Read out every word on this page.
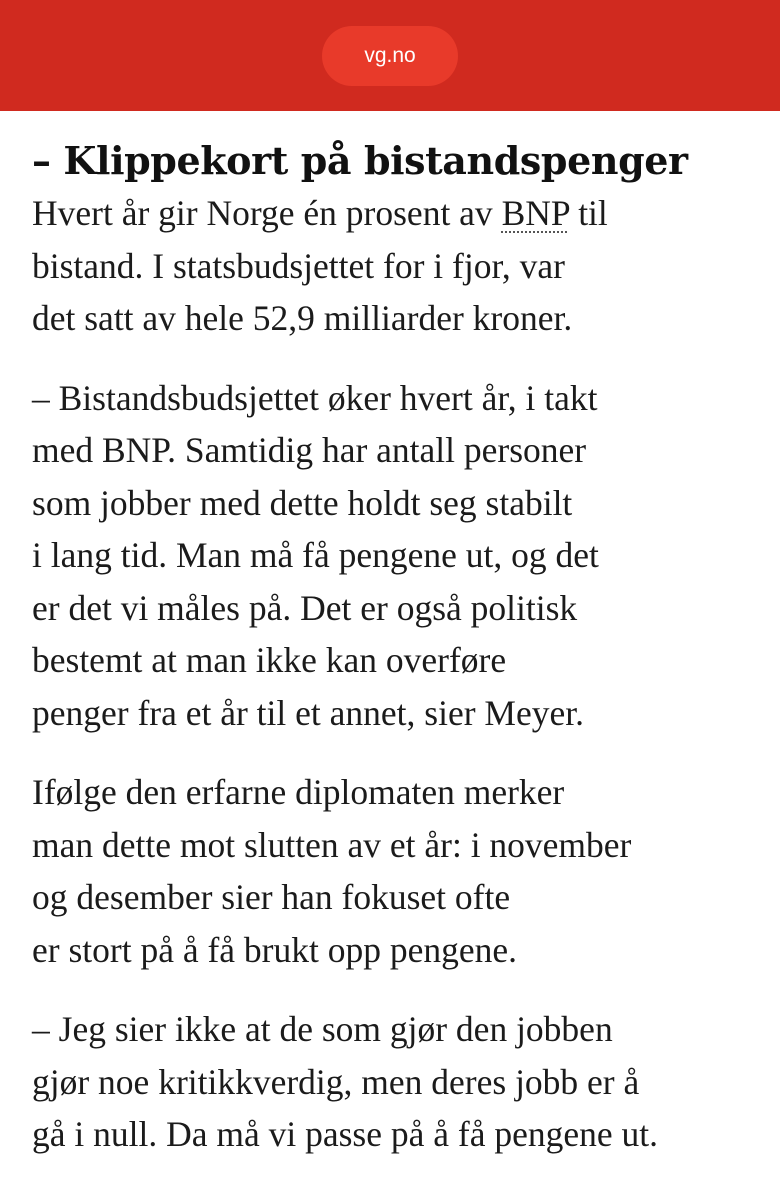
vg.no
– Klippekort på bistandspenger

Hvert år gir Norge én prosent av BNP til
bistand. I statsbudsjettet for i fjor, var
det satt av hele 52,9 milliarder kroner.

– Bistandsbudsjettet øker hvert år, i takt
med BNP. Samtidig har antall personer
som jobber med dette holdt seg stabilt
i lang tid. Man må få pengene ut, og det
er det vi måles på. Det er også politisk
bestemt at man ikke kan overføre
penger fra et år til et annet, sier Meyer.

Ifølge den erfarne diplomaten merker
man dette mot slutten av et år: i november
og desember sier han fokuset ofte
er stort på å få brukt opp pengene.

– Jeg sier ikke at de som gjør den jobben
gjør noe kritikkverdig, men deres jobb er å
gå i null. Da må vi passe på å få pengene ut.
